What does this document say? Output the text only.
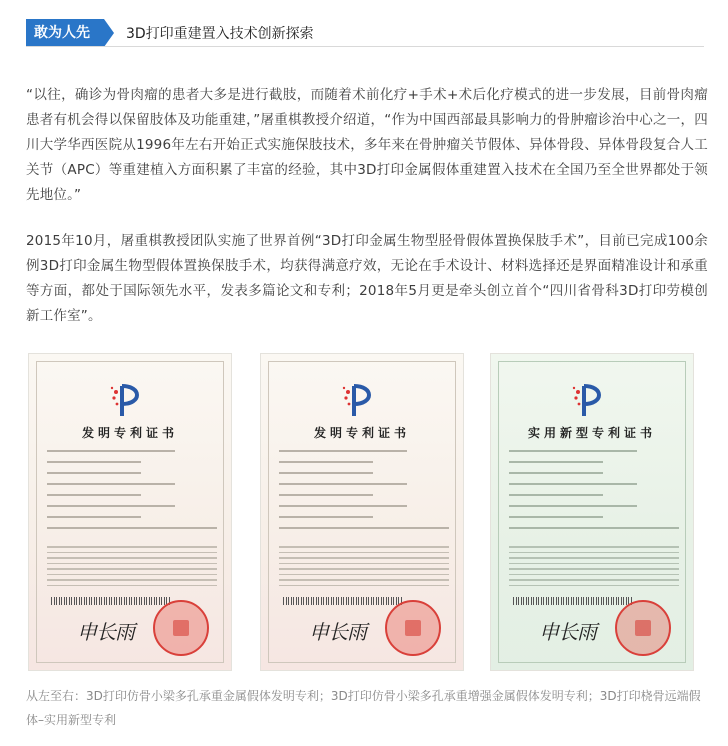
敢为人先	3D打印重建置入技术创新探索

“以往，确诊为骨肉瘤的患者大多是进行截肢，而随着术前化疗+手术+术后化疗模式的进一步发展，目前骨肉瘤患者有机会得以保留肢体及功能重建，”屠重棋教授介绍道，“作为中国西部最具影响力的骨肿瘤诊治中心之一，四川大学华西医院从1996年左右开始正式实施保肢技术，多年来在骨肿瘤关节假体、异体骨段、异体骨段复合人工关节（APC）等重建植入方面积累了丰富的经验，其中3D打印金属假体重建置入技术在全国乃至全世界都处于领先地位。”

2015年10月，屠重棋教授团队实施了世界首例“3D打印金属生物型胫骨假体置换保肢手术”，目前已完成100余例3D打印金属生物型假体置换保肢手术，均获得满意疗效，无论在手术设计、材料选择还是界面精准设计和承重等方面，都处于国际领先水平，发表多篇论文和专利；2018年5月更是牵头创立首个“四川省骨科3D打印劳模创新工作室”。

发明专利证书
申长雨
发明专利证书
申长雨
实用新型专利证书
申长雨

从左至右：3D打印仿骨小梁多孔承重金属假体发明专利；3D打印仿骨小梁多孔承重增强金属假体发明专利；3D打印桡骨远端假体–实用新型专利
